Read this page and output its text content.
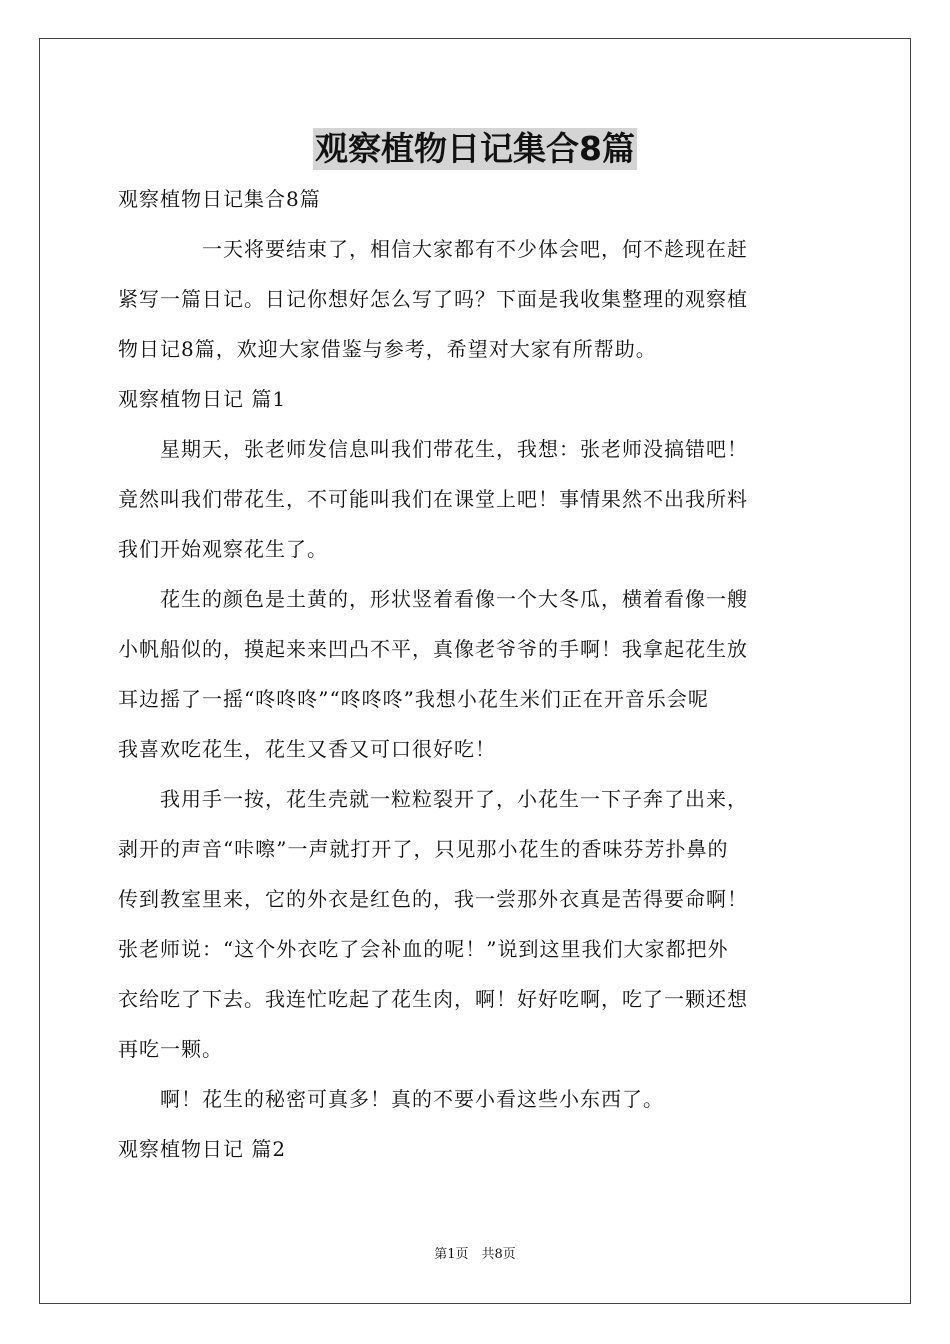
观察植物日记集合8篇
观察植物日记集合8篇
　　　　一天将要结束了，相信大家都有不少体会吧，何不趁现在赶
紧写一篇日记。日记你想好怎么写了吗？下面是我收集整理的观察植
物日记8篇，欢迎大家借鉴与参考，希望对大家有所帮助。
观察植物日记 篇1
　　星期天，张老师发信息叫我们带花生，我想：张老师没搞错吧！
竟然叫我们带花生，不可能叫我们在课堂上吧！事情果然不出我所料
我们开始观察花生了。
　　花生的颜色是土黄的，形状竖着看像一个大冬瓜，横着看像一艘
小帆船似的，摸起来来凹凸不平，真像老爷爷的手啊！我拿起花生放
耳边摇了一摇“咚咚咚”“咚咚咚”我想小花生米们正在开音乐会呢
我喜欢吃花生，花生又香又可口很好吃！
　　我用手一按，花生壳就一粒粒裂开了，小花生一下子奔了出来，
剥开的声音“咔嚓”一声就打开了，只见那小花生的香味芬芳扑鼻的
传到教室里来，它的外衣是红色的，我一尝那外衣真是苦得要命啊！
张老师说：“这个外衣吃了会补血的呢！”说到这里我们大家都把外
衣给吃了下去。我连忙吃起了花生肉，啊！好好吃啊，吃了一颗还想
再吃一颗。
　　啊！花生的秘密可真多！真的不要小看这些小东西了。
观察植物日记 篇2
第1页　共8页
